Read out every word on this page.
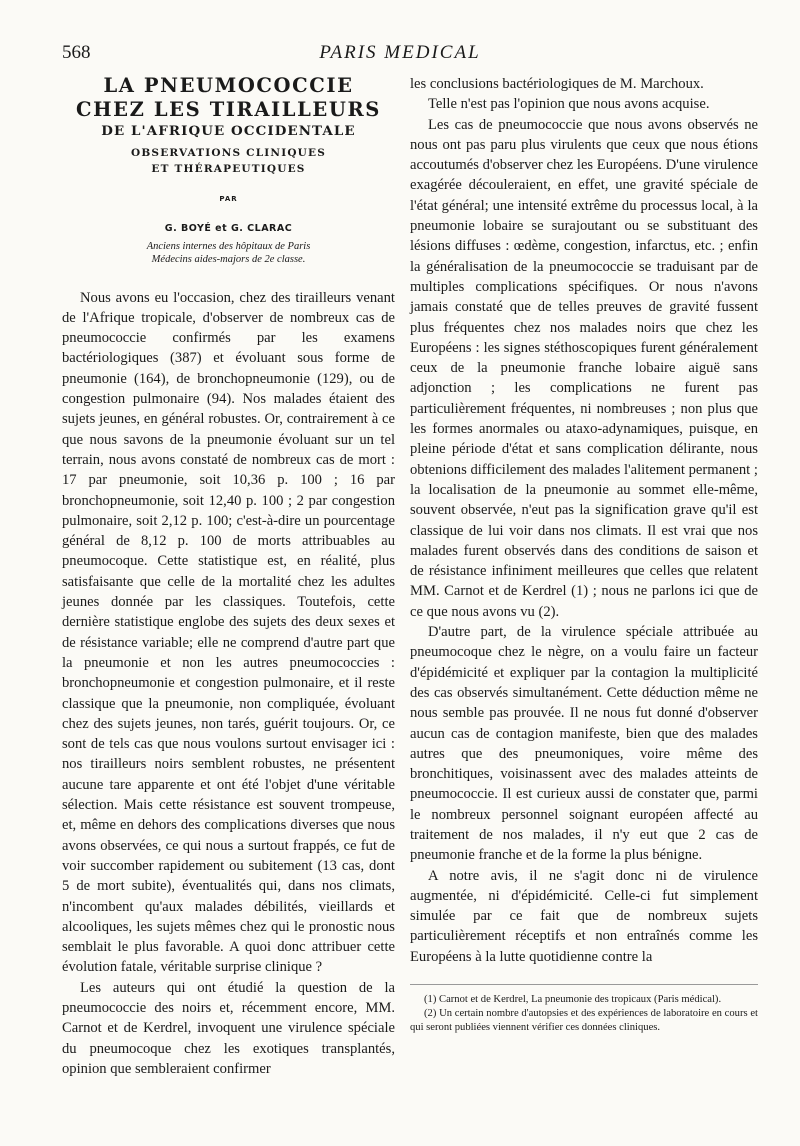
568	PARIS MEDICAL
LA PNEUMOCOCCIE
CHEZ LES TIRAILLEURS
DE L'AFRIQUE OCCIDENTALE
OBSERVATIONS CLINIQUES
ET THÉRAPEUTIQUES
PAR
G. BOYÉ et G. CLARAC
Anciens internes des hôpitaux de Paris
Médecins aides-majors de 2e classe.

Nous avons eu l'occasion, chez des tirailleurs venant de l'Afrique tropicale, d'observer de nombreux cas de pneumococcie confirmés par les examens bactériologiques (387) et évoluant sous forme de pneumonie (164), de bronchopneumonie (129), ou de congestion pulmonaire (94). Nos malades étaient des sujets jeunes, en général robustes. Or, contrairement à ce que nous savons de la pneumonie évoluant sur un tel terrain, nous avons constaté de nombreux cas de mort : 17 par pneumonie, soit 10,36 p. 100 ; 16 par bronchopneumonie, soit 12,40 p. 100 ; 2 par congestion pulmonaire, soit 2,12 p. 100; c'est-à-dire un pourcentage général de 8,12 p. 100 de morts attribuables au pneumocoque. Cette statistique est, en réalité, plus satisfaisante que celle de la mortalité chez les adultes jeunes donnée par les classiques. Toutefois, cette dernière statistique englobe des sujets des deux sexes et de résistance variable; elle ne comprend d'autre part que la pneumonie et non les autres pneumococcies : bronchopneumonie et congestion pulmonaire, et il reste classique que la pneumonie, non compliquée, évoluant chez des sujets jeunes, non tarés, guérit toujours. Or, ce sont de tels cas que nous voulons surtout envisager ici : nos tirailleurs noirs semblent robustes, ne présentent aucune tare apparente et ont été l'objet d'une véritable sélection. Mais cette résistance est souvent trompeuse, et, même en dehors des complications diverses que nous avons observées, ce qui nous a surtout frappés, ce fut de voir succomber rapidement ou subitement (13 cas, dont 5 de mort subite), éventualités qui, dans nos climats, n'incombent qu'aux malades débilités, vieillards et alcooliques, les sujets mêmes chez qui le pronostic nous semblait le plus favorable. A quoi donc attribuer cette évolution fatale, véritable surprise clinique ?

Les auteurs qui ont étudié la question de la pneumococcie des noirs et, récemment encore, MM. Carnot et de Kerdrel, invoquent une virulence spéciale du pneumocoque chez les exotiques transplantés, opinion que sembleraient confirmer

les conclusions bactériologiques de M. Marchoux.

Telle n'est pas l'opinion que nous avons acquise.

Les cas de pneumococcie que nous avons observés ne nous ont pas paru plus virulents que ceux que nous étions accoutumés d'observer chez les Européens. D'une virulence exagérée découleraient, en effet, une gravité spéciale de l'état général; une intensité extrême du processus local, à la pneumonie lobaire se surajoutant ou se substituant des lésions diffuses : œdème, congestion, infarctus, etc. ; enfin la généralisation de la pneumococcie se traduisant par de multiples complications spécifiques. Or nous n'avons jamais constaté que de telles preuves de gravité fussent plus fréquentes chez nos malades noirs que chez les Européens : les signes stéthoscopiques furent généralement ceux de la pneumonie franche lobaire aiguë sans adjonction ; les complications ne furent pas particulièrement fréquentes, ni nombreuses ; non plus que les formes anormales ou ataxo-adynamiques, puisque, en pleine période d'état et sans complication délirante, nous obtenions difficilement des malades l'alitement permanent ; la localisation de la pneumonie au sommet elle-même, souvent observée, n'eut pas la signification grave qu'il est classique de lui voir dans nos climats. Il est vrai que nos malades furent observés dans des conditions de saison et de résistance infiniment meilleures que celles que relatent MM. Carnot et de Kerdrel (1) ; nous ne parlons ici que de ce que nous avons vu (2).

D'autre part, de la virulence spéciale attribuée au pneumocoque chez le nègre, on a voulu faire un facteur d'épidémicité et expliquer par la contagion la multiplicité des cas observés simultanément. Cette déduction même ne nous semble pas prouvée. Il ne nous fut donné d'observer aucun cas de contagion manifeste, bien que des malades autres que des pneumoniques, voire même des bronchitiques, voisinassent avec des malades atteints de pneumococcie. Il est curieux aussi de constater que, parmi le nombreux personnel soignant européen affecté au traitement de nos malades, il n'y eut que 2 cas de pneumonie franche et de la forme la plus bénigne.

A notre avis, il ne s'agit donc ni de virulence augmentée, ni d'épidémicité. Celle-ci fut simplement simulée par ce fait que de nombreux sujets particulièrement réceptifs et non entraînés comme les Européens à la lutte quotidienne contre la

(1) Carnot et de Kerdrel, La pneumonie des tropicaux (Paris médical).

(2) Un certain nombre d'autopsies et des expériences de laboratoire en cours et qui seront publiées viennent vérifier ces données cliniques.
